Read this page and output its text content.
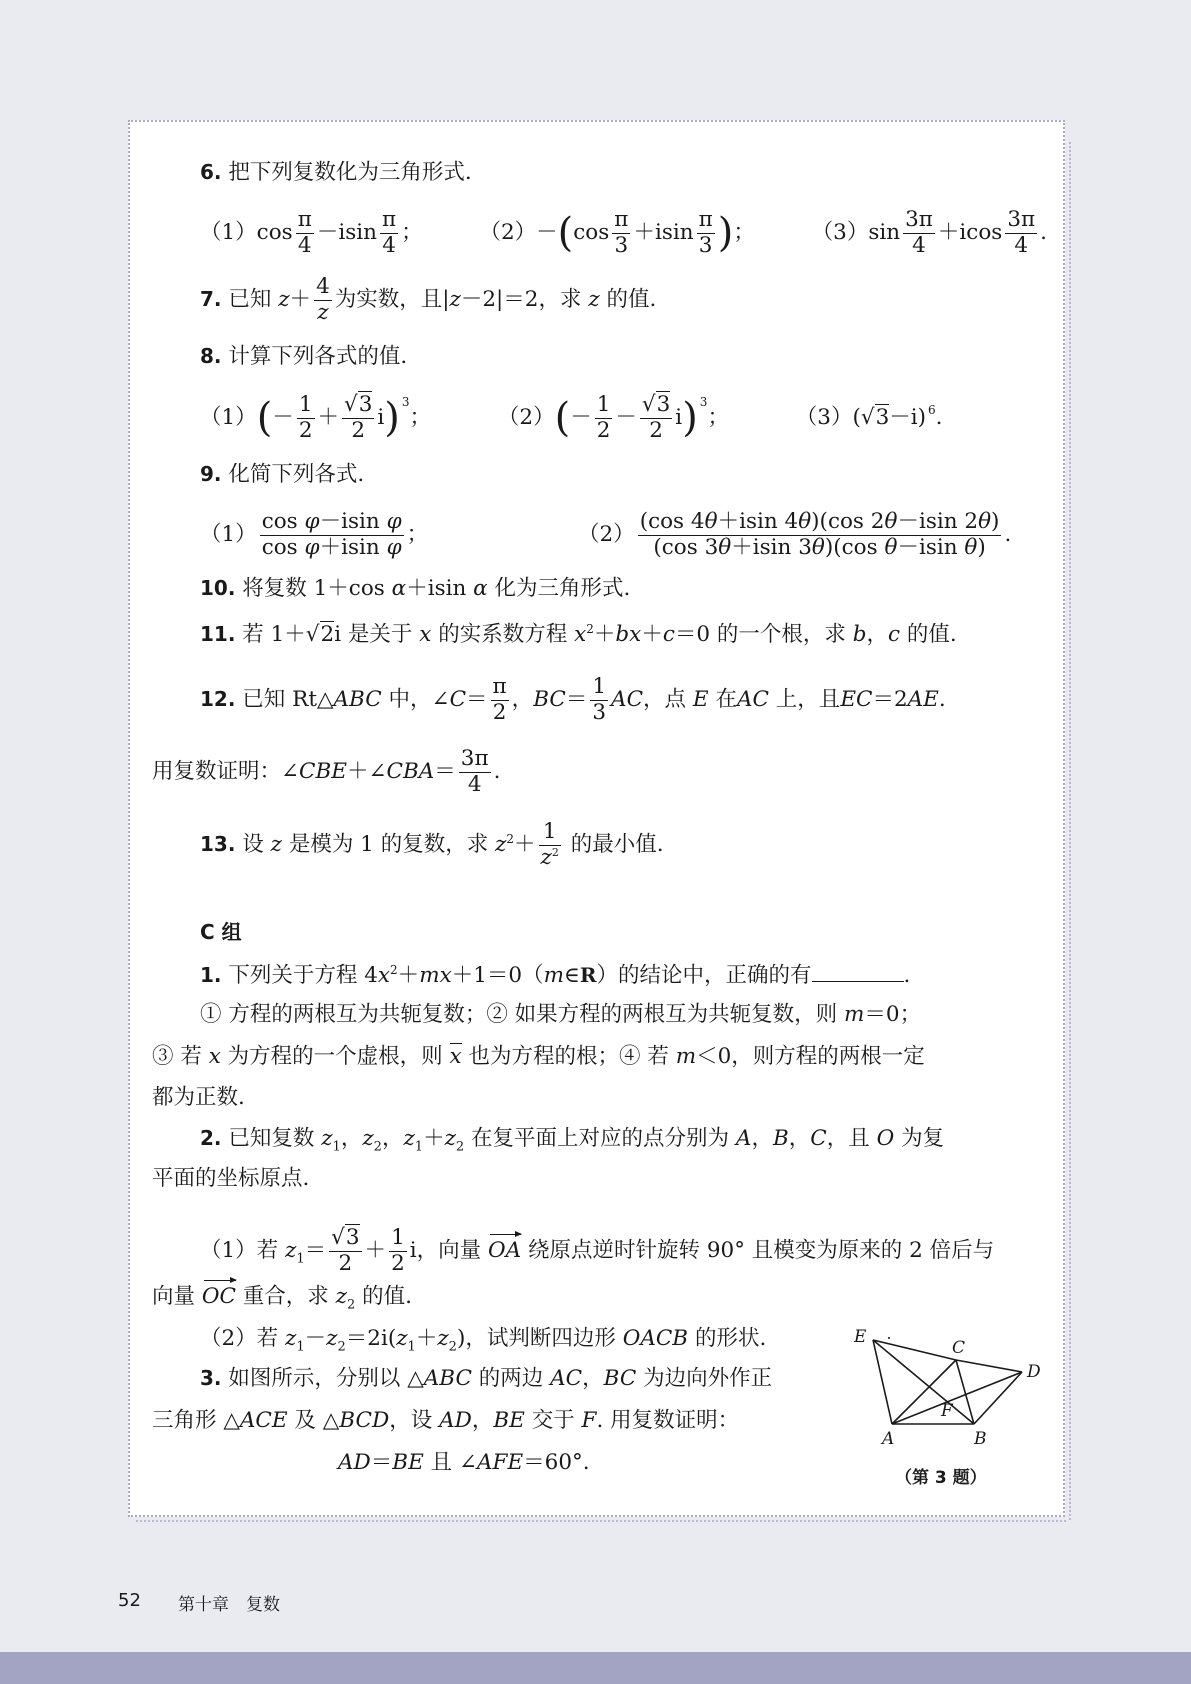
6. 把下列复数化为三角形式.
$(1)\cos \frac{\pi}{4} -isin \frac{\pi}{4}$ ； $(2)-(\cos \frac{\pi}{3} +isin \frac{\pi}{3}$ )； $(3)\sin \frac{3\pi}{4} +icos \frac{3\pi}{4}$ .
7. 已知 $z+ \frac{4}{z}$ 为实数，且|z－2|＝2，求 z 的值.
8. 计算下列各式的值.
$(1)(- \frac{1}{2} + \frac{√3}{2} i)$ $^3$；	$(2)(- \frac{1}{2} - \frac{√3}{2} i)$ $^3$；	（3）(√3－i) $^6$.
9. 化简下列各式.
$(1) \frac{\text{cos φ－isin φ}}{\text{cos φ＋isin φ}}$ ；	$(2) \frac{(\cos 4\theta+isin 4\theta)(\cos 2\theta-isin 2\theta)}{\text{(cos 3θ＋isin 3θ)(cos θ－isin θ)}}$ .
10. 将复数 1＋cos α＋isin α 化为三角形式.
11. 若 1＋√2i 是关于 x 的实系数方程 $x^2+bx+c=0$ 的一个根，求 b，c 的值.
12. 已知 Rt△ABC 中，∠C＝ $\frac{\pi}{2}$ ，$BC= \frac{1}{3}$ AC，点 E 在AC 上，且EC＝2AE.
用复数证明：∠CBE＋∠CBA＝ $\frac{3\pi}{4}$ .
13. 设 z 是模为 1 的复数，求 $z^2+ \frac{1}{z^2}$ 的最小值.
C 组
1. 下列关于方程 $4x^2+mx+1=0(m\in R)$的结论中，正确的有	.
① 方程的两根互为共轭复数；② 如果方程的两根互为共轭复数，则 m＝0；
③ 若 x 为方程的一个虚根，则 x 也为方程的根；④ 若 m＜0，则方程的两根一定
都为正数.
2. 已知复数 $z_1$，$z_2$，$z_1+z_2$ 在复平面上对应的点分别为 A，B，C，且 O 为复
平面的坐标原点.
（1）若 $z_1= \frac{√3}{2} + \frac{1}{2}$ i，向量 OA 绕原点逆时针旋转 90° 且模变为原来的 2 倍后与
向量 OC 重合，求 $z_2$ 的值.
（2）若 $z_1-z_2=2i(z_1+z_2)$，试判断四边形 OACB 的形状.
3. 如图所示，分别以 △ABC 的两边 AC，BC 为边向外作正
三角形 △ACE 及 △BCD，设 AD，BE 交于 F. 用复数证明：
AD＝BE 且 ∠AFE＝60°.
E
C
D
F
A	B
（第 3 题）
52 第十章　复数
